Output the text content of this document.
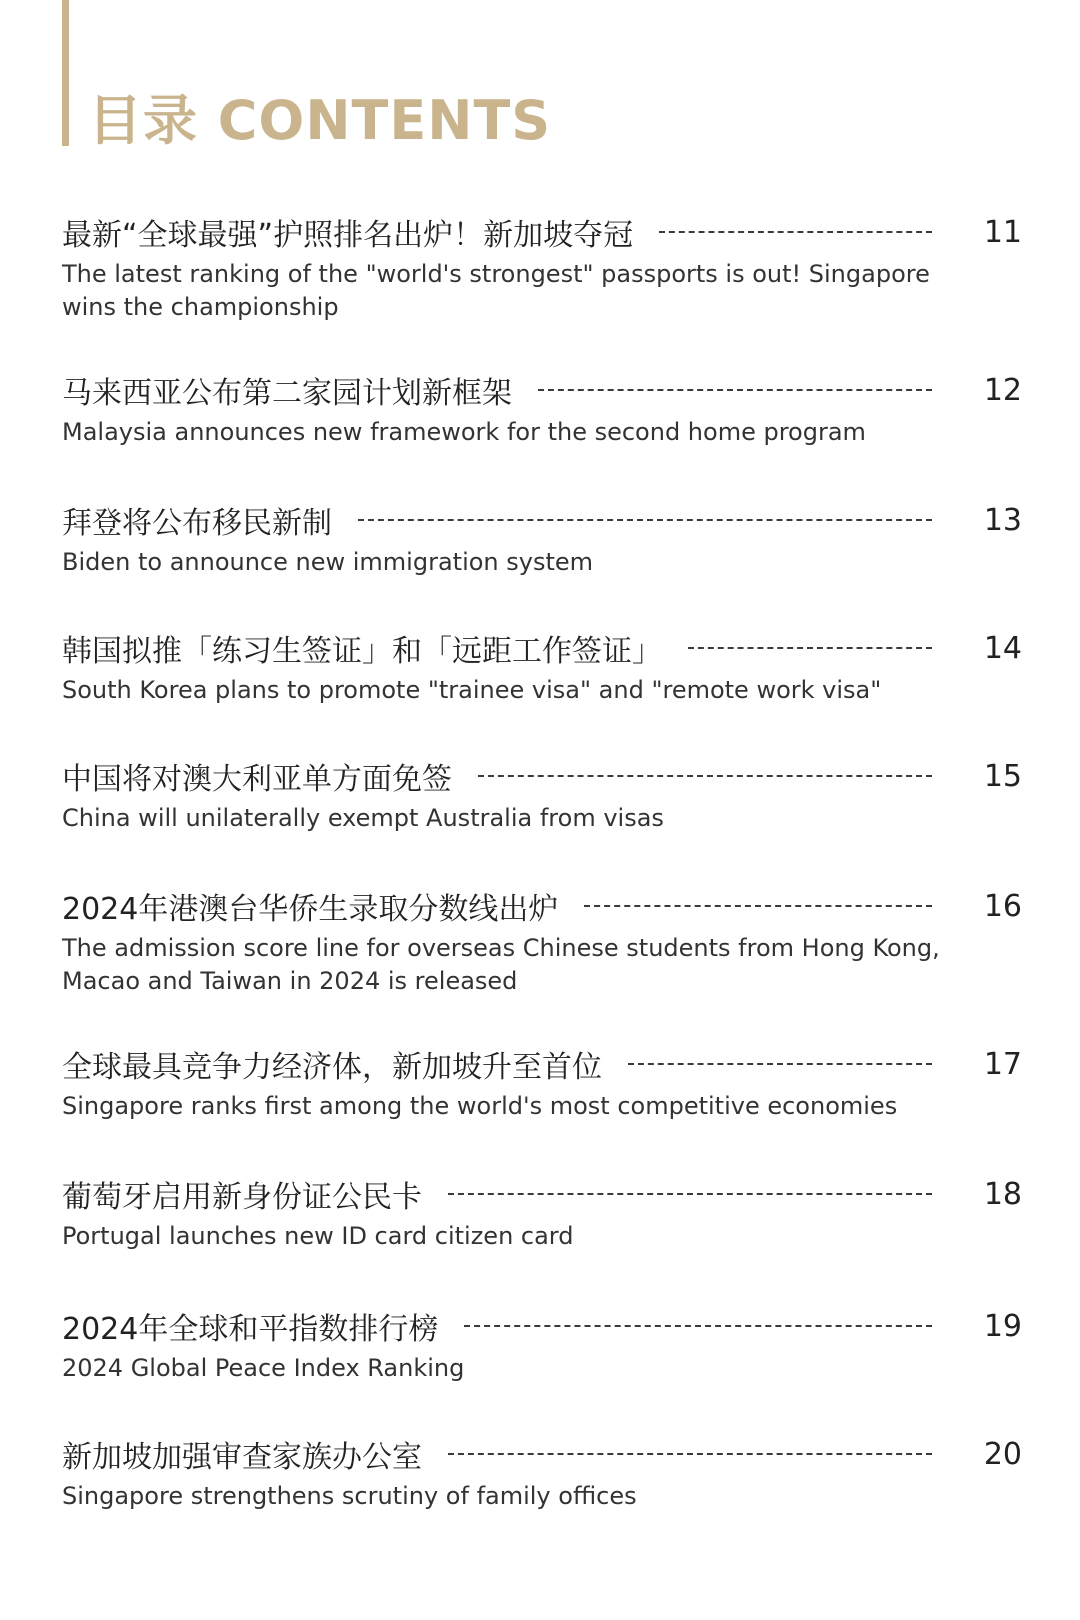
目录 CONTENTS
最新“全球最强”护照排名出炉！新加坡夺冠	11
The latest ranking of the "world's strongest" passports is out! Singapore wins the championship
马来西亚公布第二家园计划新框架	12
Malaysia announces new framework for the second home program
拜登将公布移民新制	13
Biden to announce new immigration system
韩国拟推「练习生签证」和「远距工作签证」	14
South Korea plans to promote "trainee visa" and "remote work visa"
中国将对澳大利亚单方面免签	15
China will unilaterally exempt Australia from visas
2024年港澳台华侨生录取分数线出炉	16
The admission score line for overseas Chinese students from Hong Kong, Macao and Taiwan in 2024 is released
全球最具竞争力经济体，新加坡升至首位	17
Singapore ranks first among the world's most competitive economies
葡萄牙启用新身份证公民卡	18
Portugal launches new ID card citizen card
2024年全球和平指数排行榜	19
2024 Global Peace Index Ranking
新加坡加强审查家族办公室	20
Singapore strengthens scrutiny of family offices
